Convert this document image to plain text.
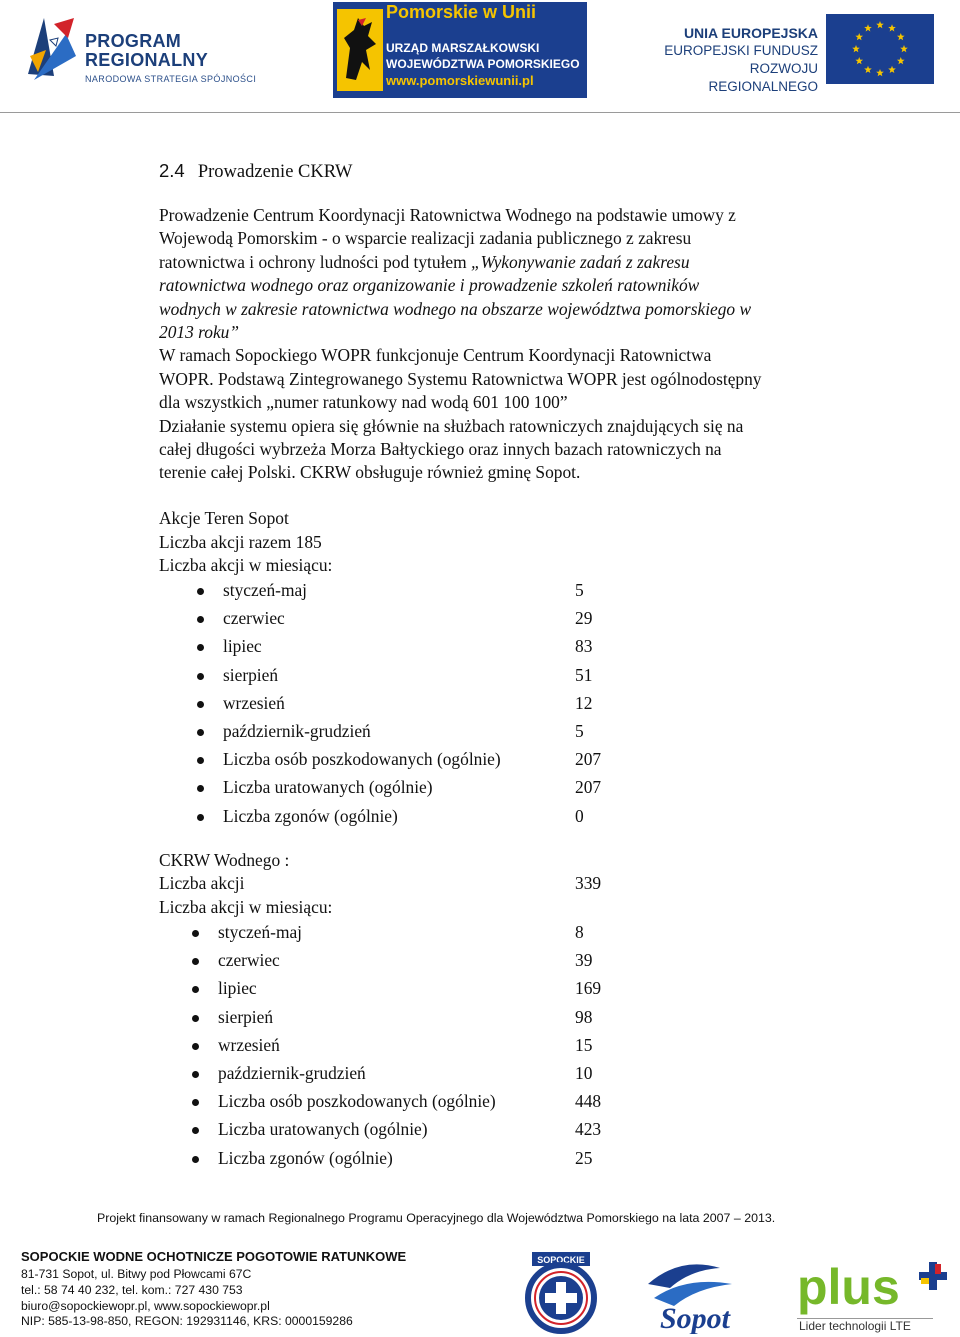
PROGRAM
REGIONALNY
NARODOWA STRATEGIA SPÓJNOŚCI
Pomorskie w Unii
URZĄD MARSZAŁKOWSKI
WOJEWÓDZTWA POMORSKIEGO
www.pomorskiewunii.pl
UNIA EUROPEJSKA
EUROPEJSKI FUNDUSZ
ROZWOJU REGIONALNEGO
2.4 Prowadzenie CKRW
Prowadzenie Centrum Koordynacji Ratownictwa Wodnego na podstawie umowy z
Wojewodą Pomorskim - o wsparcie realizacji zadania publicznego z zakresu
ratownictwa i ochrony ludności pod tytułem „Wykonywanie zadań z zakresu
ratownictwa wodnego oraz organizowanie i prowadzenie szkoleń ratowników
wodnych w zakresie ratownictwa wodnego na obszarze województwa pomorskiego w
2013 roku”
W ramach Sopockiego WOPR funkcjonuje Centrum Koordynacji Ratownictwa
WOPR. Podstawą Zintegrowanego Systemu Ratownictwa WOPR jest ogólnodostępny
dla wszystkich „numer ratunkowy nad wodą 601 100 100”
Działanie systemu opiera się głównie na służbach ratowniczych znajdujących się na
całej długości wybrzeża Morza Bałtyckiego oraz innych bazach ratowniczych na
terenie całej Polski. CKRW obsługuje również gminę Sopot.
Akcje Teren Sopot
Liczba akcji razem 185
Liczba akcji w miesiącu:
styczeń-maj	5
czerwiec	29
lipiec	83
sierpień	51
wrzesień	12
październik-grudzień	5
Liczba osób poszkodowanych (ogólnie)	207
Liczba uratowanych (ogólnie)	207
Liczba zgonów (ogólnie)	0
CKRW Wodnego :
Liczba akcji	339
Liczba akcji w miesiącu:
styczeń-maj	8
czerwiec	39
lipiec	169
sierpień	98
wrzesień	15
październik-grudzień	10
Liczba osób poszkodowanych (ogólnie)	448
Liczba uratowanych (ogólnie)	423
Liczba zgonów (ogólnie)	25
Projekt finansowany w ramach Regionalnego Programu Operacyjnego dla Województwa Pomorskiego na lata 2007 – 2013.
SOPOCKIE WODNE OCHOTNICZE POGOTOWIE RATUNKOWE
81-731 Sopot, ul. Bitwy pod Płowcami 67C
tel.: 58 74 40 232, tel. kom.: 727 430 753
biuro@sopockiewopr.pl, www.sopockiewopr.pl
NIP: 585-13-98-850, REGON: 192931146, KRS: 0000159286
SOPOCKIE
Sopot
plus
Lider technologii LTE
